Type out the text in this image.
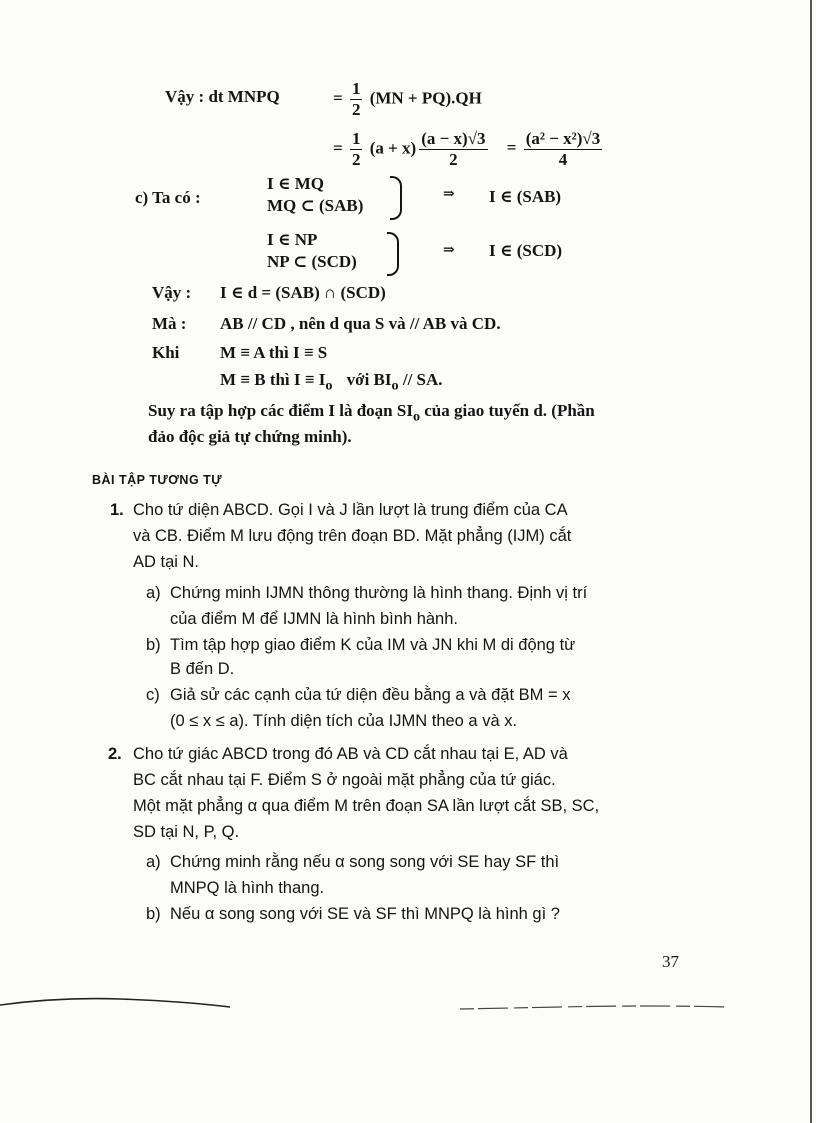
Vậy : dt MNPQ	= $\frac{1}{2} (MN + PQ).QH$
= $\frac{1}{2} (a + x) \frac{(a - x)√3}{2} = \frac{\text{(a² − x²)√3}}{4}$
c) Ta có :
I ∈ MQ
MQ ⊂ (SAB)
⇒ I ∈ (SAB)
I ∈ NP
NP ⊂ (SCD)
⇒ I ∈ (SCD)
Vậy : I ∈ d = (SAB) ∩ (SCD)
Mà : AB // CD , nên d qua S và // AB và CD.
Khi M ≡ A thì I ≡ S
M ≡ B thì $I \equiv I_o$ với $BI_o$ // SA.
Suy ra tập hợp các điểm I là đoạn $SI_o$ của giao tuyến d. (Phần
đảo độc giả tự chứng minh).
BÀI TẬP TƯƠNG TỰ
1. Cho tứ diện ABCD. Gọi I và J lần lượt là trung điểm của CA
và CB. Điểm M lưu động trên đoạn BD. Mặt phẳng (IJM) cắt
AD tại N.
a) Chứng minh IJMN thông thường là hình thang. Định vị trí
của điểm M để IJMN là hình bình hành.
b) Tìm tập hợp giao điểm K của IM và JN khi M di động từ
B đến D.
c) Giả sử các cạnh của tứ diện đều bằng a và đặt BM = x
(0 ≤ x ≤ a). Tính diện tích của IJMN theo a và x.
2. Cho tứ giác ABCD trong đó AB và CD cắt nhau tại E, AD và
BC cắt nhau tại F. Điểm S ở ngoài mặt phẳng của tứ giác.
Một mặt phẳng α qua điểm M trên đoạn SA lần lượt cắt SB, SC,
SD tại N, P, Q.
a) Chứng minh rằng nếu α song song với SE hay SF thì
MNPQ là hình thang.
b) Nếu α song song với SE và SF thì MNPQ là hình gì ?
37
